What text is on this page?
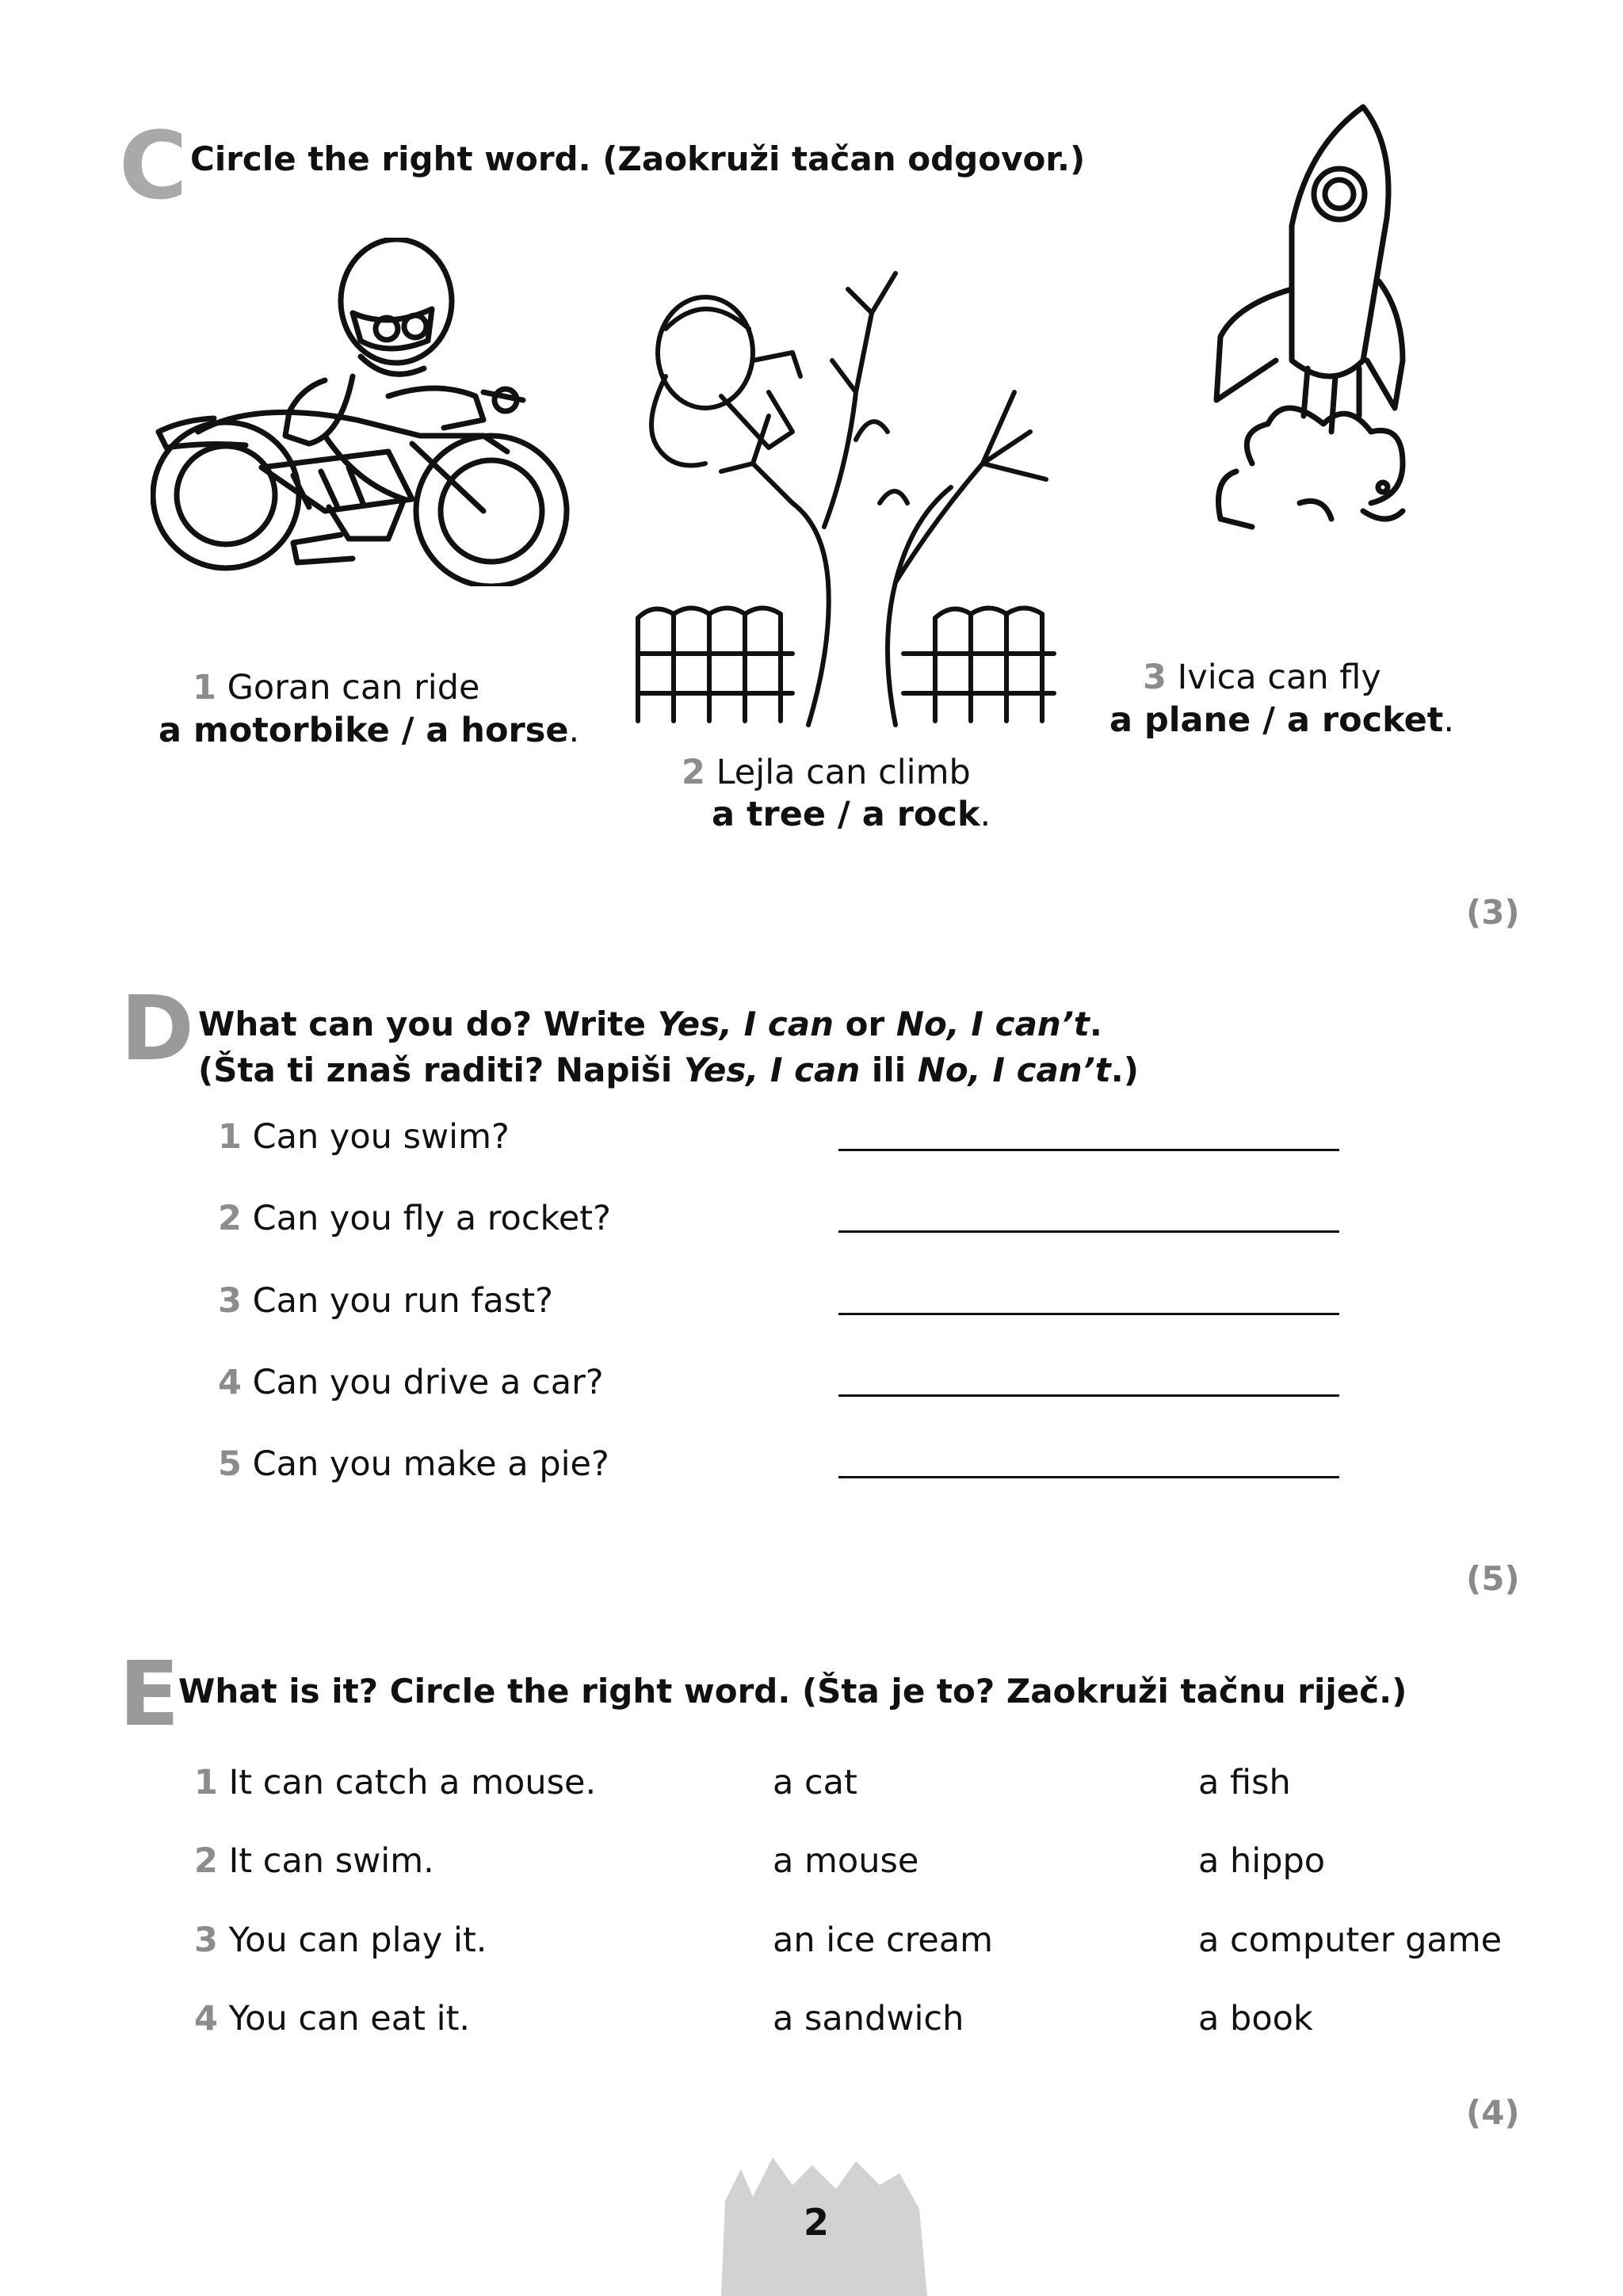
C Circle the right word. (Zaokruži tačan odgovor.)
1 Goran can ride
a motorbike / a horse.
2 Lejla can climb
a tree / a rock.
3 Ivica can fly
a plane / a rocket.
(3)
D What can you do? Write Yes, I can or No, I can’t.
(Šta ti znaš raditi? Napiši Yes, I can ili No, I can’t.)
1 Can you swim?
2 Can you fly a rocket?
3 Can you run fast?
4 Can you drive a car?
5 Can you make a pie?
(5)
E
What is it? Circle the right word. (Šta je to? Zaokruži tačnu riječ.)
1 It can catch a mouse.	a cat	a fish
2 It can swim.	a mouse	a hippo
3 You can play it.	an ice cream	a computer game
4 You can eat it.	a sandwich	a book
(4)
2
